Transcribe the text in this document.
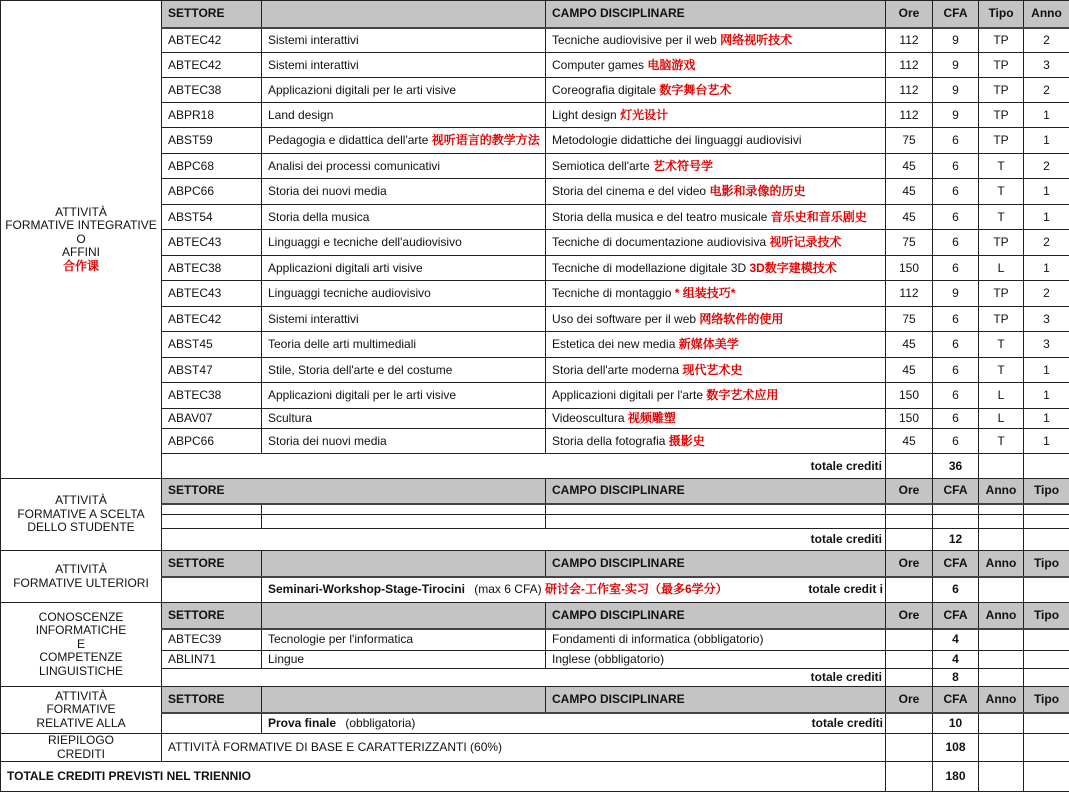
ATTIVITÀ
FORMATIVE INTEGRATIVE
O
AFFINI
合作课	SETTORE		CAMPO DISCIPLINARE	Ore	CFA	Tipo	Anno
	ABTEC42	Sistemi interattivi	Tecniche audiovisive per il web 网络视听技术	112	9	TP	2
	ABTEC42	Sistemi interattivi	Computer games 电脑游戏	112	9	TP	3
	ABTEC38	Applicazioni digitali per le arti visive	Coreografia digitale 数字舞台艺术	112	9	TP	2
	ABPR18	Land design	Light design 灯光设计	112	9	TP	1
	ABST59	Pedagogia e didattica dell'arte 视听语言的教学方法	Metodologie didattiche dei linguaggi audiovisivi	75	6	TP	1
	ABPC68	Analisi dei processi comunicativi	Semiotica dell'arte 艺术符号学	45	6	T	2
	ABPC66	Storia dei nuovi media	Storia del cinema e del video 电影和录像的历史	45	6	T	1
	ABST54	Storia della musica	Storia della musica e del teatro musicale 音乐史和音乐剧史	45	6	T	1
	ABTEC43	Linguaggi e tecniche dell'audiovisivo	Tecniche di documentazione audiovisiva 视听记录技术	75	6	TP	2
	ABTEC38	Applicazioni digitali arti visive	Tecniche di modellazione digitale 3D 3D数字建模技术	150	6	L	1
	ABTEC43	Linguaggi tecniche audiovisivo	Tecniche di montaggio * 组装技巧*	112	9	TP	2
	ABTEC42	Sistemi interattivi	Uso dei software per il web 网络软件的使用	75	6	TP	3
	ABST45	Teoria delle arti multimediali	Estetica dei new media 新媒体美学	45	6	T	3
	ABST47	Stile, Storia dell'arte e del costume	Storia dell'arte moderna 现代艺术史	45	6	T	1
	ABTEC38	Applicazioni digitali per le arti visive	Applicazioni digitali per l'arte 数字艺术应用	150	6	L	1
	ABAV07	Scultura	Videoscultura 视频雕塑	150	6	L	1
	ABPC66	Storia dei nuovi media	Storia della fotografia 摄影史	45	6	T	1
	totale crediti				36		
ATTIVITÀ
FORMATIVE A SCELTA
DELLO STUDENTE	SETTORE		CAMPO DISCIPLINARE	Ore	CFA	Anno	Tipo

	totale crediti				12		
ATTIVITÀ
FORMATIVE ULTERIORI	SETTORE		CAMPO DISCIPLINARE	Ore	CFA	Anno	Tipo
		Seminari-Workshop-Stage-Tirocini (max 6 CFA) 研讨会-工作室-实习（最多6学分） totale credit i			6		
CONOSCENZE
INFORMATICHE
E
COMPETENZE
LINGUISTICHE	SETTORE		CAMPO DISCIPLINARE	Ore	CFA	Anno	Tipo
	ABTEC39	Tecnologie per l'informatica	Fondamenti di informatica (obbligatorio)		4		
	ABLIN71	Lingue	Inglese (obbligatorio)		4		
	totale crediti				8		
ATTIVITÀ
FORMATIVE
RELATIVE ALLA	SETTORE		CAMPO DISCIPLINARE	Ore	CFA	Anno	Tipo
		Prova finale (obbligatoria) totale crediti			10		
RIEPILOGO
CREDITI	ATTIVITÀ FORMATIVE DI BASE E CARATTERIZZANTI (60%)				108		
TOTALE CREDITI PREVISTI NEL TRIENNIO					180		
